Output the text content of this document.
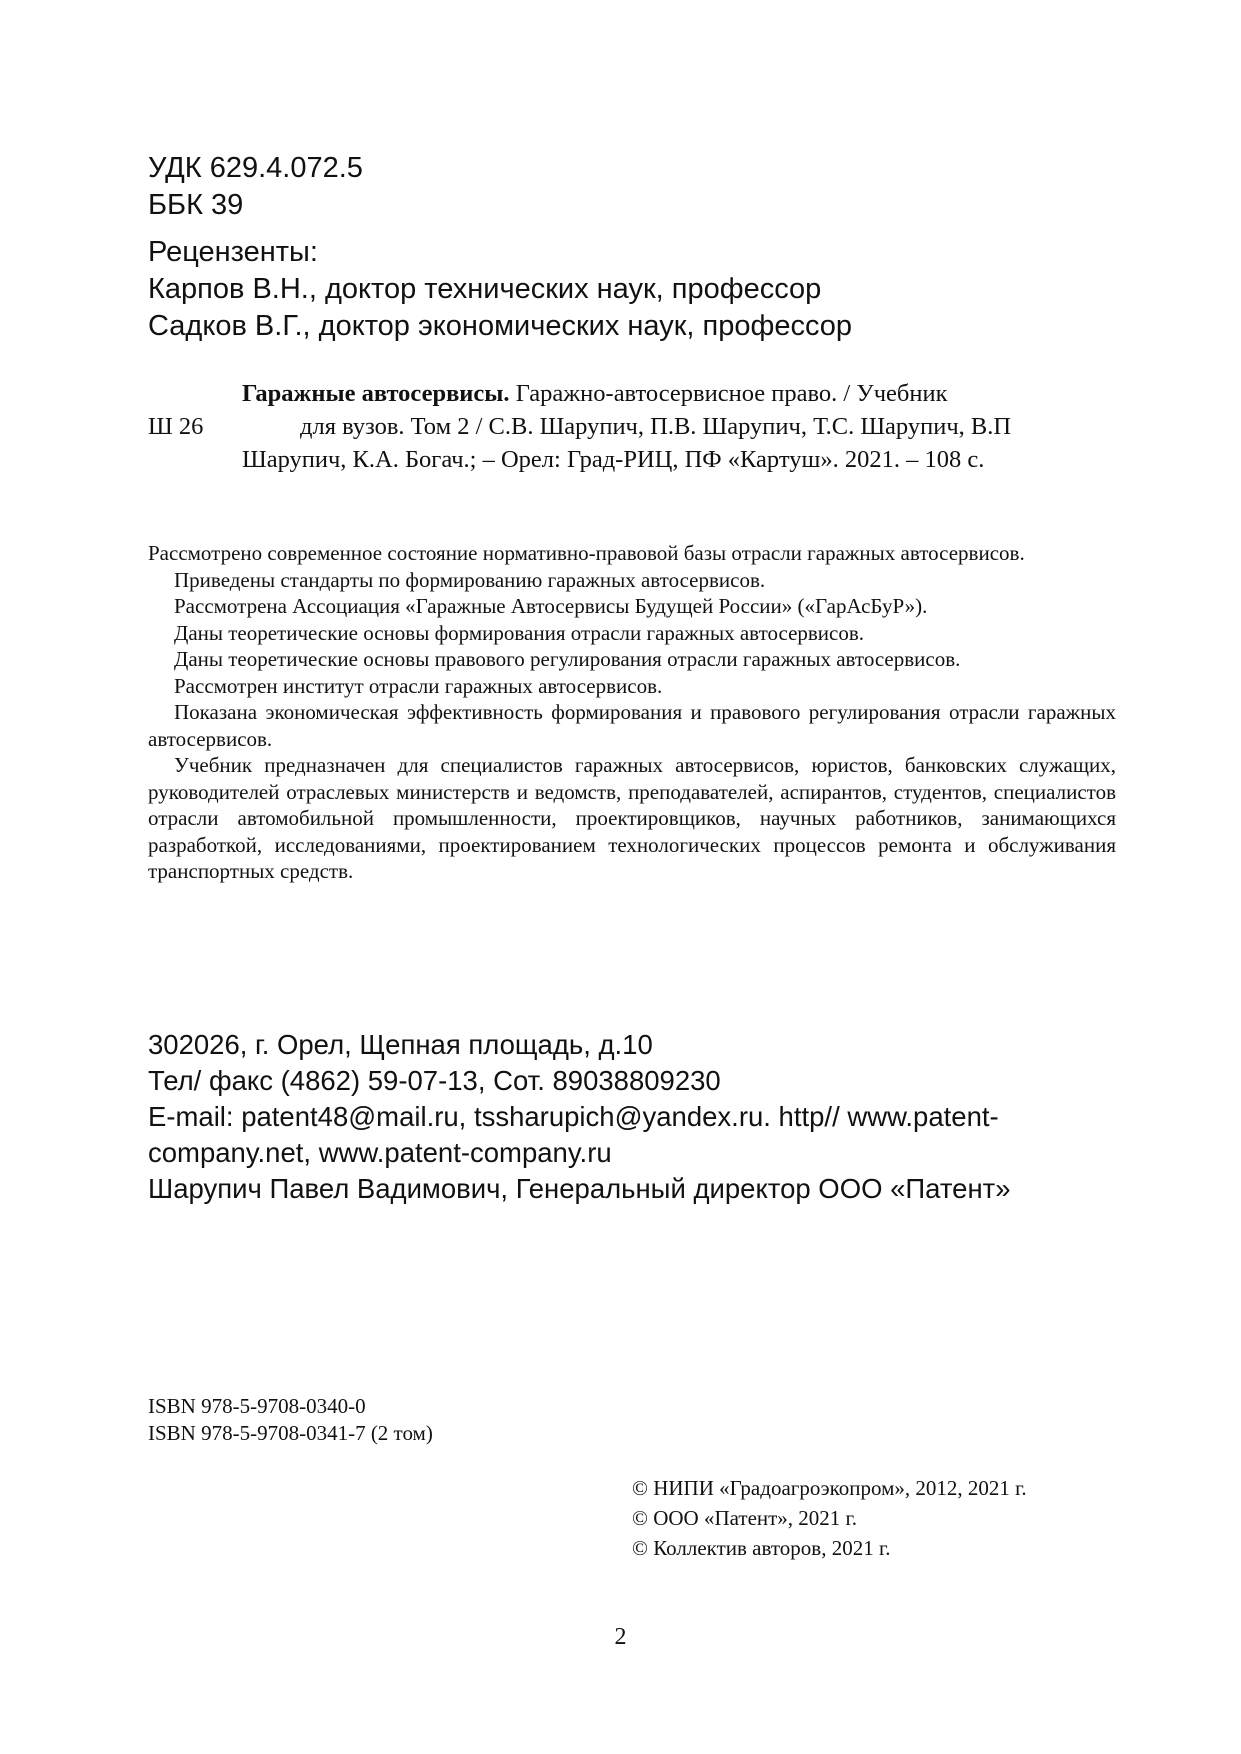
УДК 629.4.072.5
ББК 39
Рецензенты:
Карпов В.Н., доктор технических наук, профессор
Садков В.Г., доктор экономических наук, профессор
Гаражные автосервисы. Гаражно-автосервисное право. / Учебник
Ш 26	для вузов. Том 2 / С.В. Шарупич, П.В. Шарупич, Т.С. Шарупич, В.П
Шарупич, К.А. Богач.; – Орел: Град-РИЦ, ПФ «Картуш». 2021. – 108 с.

Рассмотрено современное состояние нормативно-правовой базы отрасли гаражных автосервисов.

Приведены стандарты по формированию гаражных автосервисов.

Рассмотрена Ассоциация «Гаражные Автосервисы Будущей России» («ГарАсБуР»).

Даны теоретические основы формирования отрасли гаражных автосервисов.

Даны теоретические основы правового регулирования отрасли гаражных автосервисов.

Рассмотрен институт отрасли гаражных автосервисов.

Показана экономическая эффективность формирования и правового регулирования отрасли гаражных автосервисов.

Учебник предназначен для специалистов гаражных автосервисов, юристов, банковских служащих, руководителей отраслевых министерств и ведомств, преподавателей, аспирантов, студентов, специалистов отрасли автомобильной промышленности, проектировщиков, научных работников, занимающихся разработкой, исследованиями, проектированием технологических процессов ремонта и обслуживания транспортных средств.

302026, г. Орел, Щепная площадь, д.10
Тел/ факс (4862) 59-07-13, Сот. 89038809230
E-mail: patent48@mail.ru, tssharupich@yandex.ru. http// www.patent-
company.net, www.patent-company.ru
Шарупич Павел Вадимович, Генеральный директор ООО «Патент»
ISBN 978-5-9708-0340-0
ISBN 978-5-9708-0341-7 (2 том)
© НИПИ «Градоагроэкопром», 2012, 2021 г.
© ООО «Патент», 2021 г.
© Коллектив авторов, 2021 г.
2
